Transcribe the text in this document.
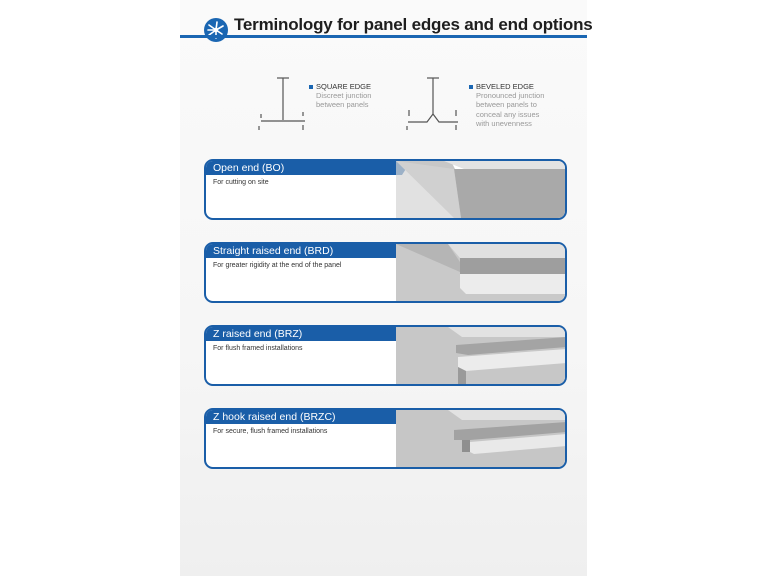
Terminology for panel edges and end options
SQUARE EDGE
Discreet junction
between panels
BEVELED EDGE
Pronounced junction
between panels to
conceal any issues
with unevenness
Open end (BO)
For cutting on site
Straight raised end (BRD)
For greater rigidity at the end of the panel
Z raised end (BRZ)
For flush framed installations
Z hook raised end (BRZC)
For secure, flush framed installations
